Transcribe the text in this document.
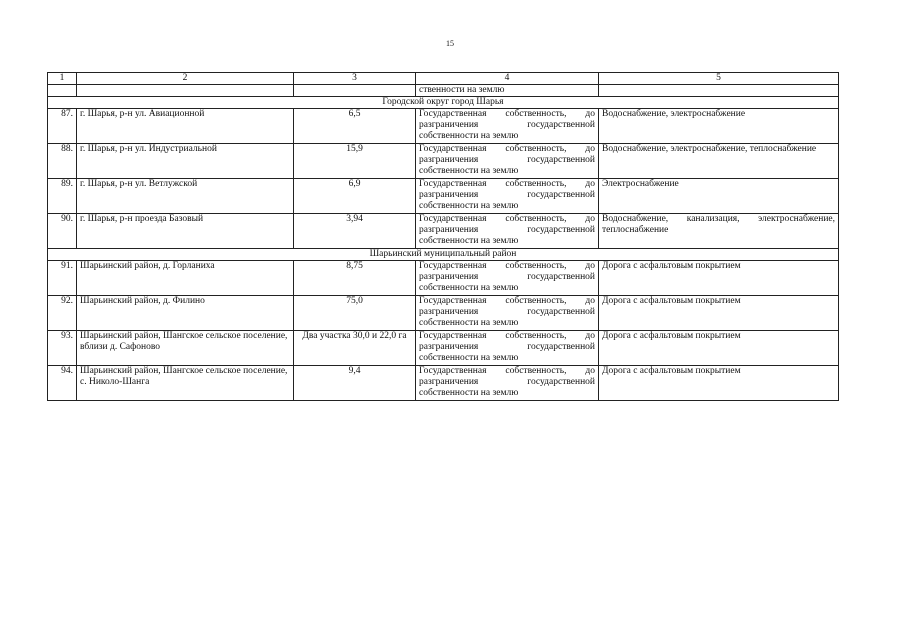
15
1	2	3	4	5
			ственности на землю	
Городской округ город Шарья				
87.	г. Шарья, р-н ул. Авиационной	6,5	Государственная собственность, до разграничения государственной собственности на землю	Водоснабжение, электроснабжение
88.	г. Шарья, р-н ул. Индустриальной	15,9	Государственная собственность, до разграничения государственной собственности на землю	Водоснабжение, электроснабжение, теплоснабжение
89.	г. Шарья, р-н ул. Ветлужской	6,9	Государственная собственность, до разграничения государственной собственности на землю	Электроснабжение
90.	г. Шарья, р-н проезда Базовый	3,94	Государственная собственность, до разграничения государственной собственности на землю	Водоснабжение, канализация, электроснабжение, теплоснабжение
Шарьинский муниципальный район				
91.	Шарьинский район, д. Горланиха	8,75	Государственная собственность, до разграничения государственной собственности на землю	Дорога с асфальтовым покрытием
92.	Шарьинский район, д. Филино	75,0	Государственная собственность, до разграничения государственной собственности на землю	Дорога с асфальтовым покрытием
93.	Шарьинский район, Шангское сельское поселение, вблизи д. Сафоново	Два участка 30,0 и 22,0 га	Государственная собственность, до разграничения государственной собственности на землю	Дорога с асфальтовым покрытием
94.	Шарьинский район, Шангское сельское поселение, с. Николо-Шанга	9,4	Государственная собственность, до разграничения государственной собственности на землю	Дорога с асфальтовым покрытием
